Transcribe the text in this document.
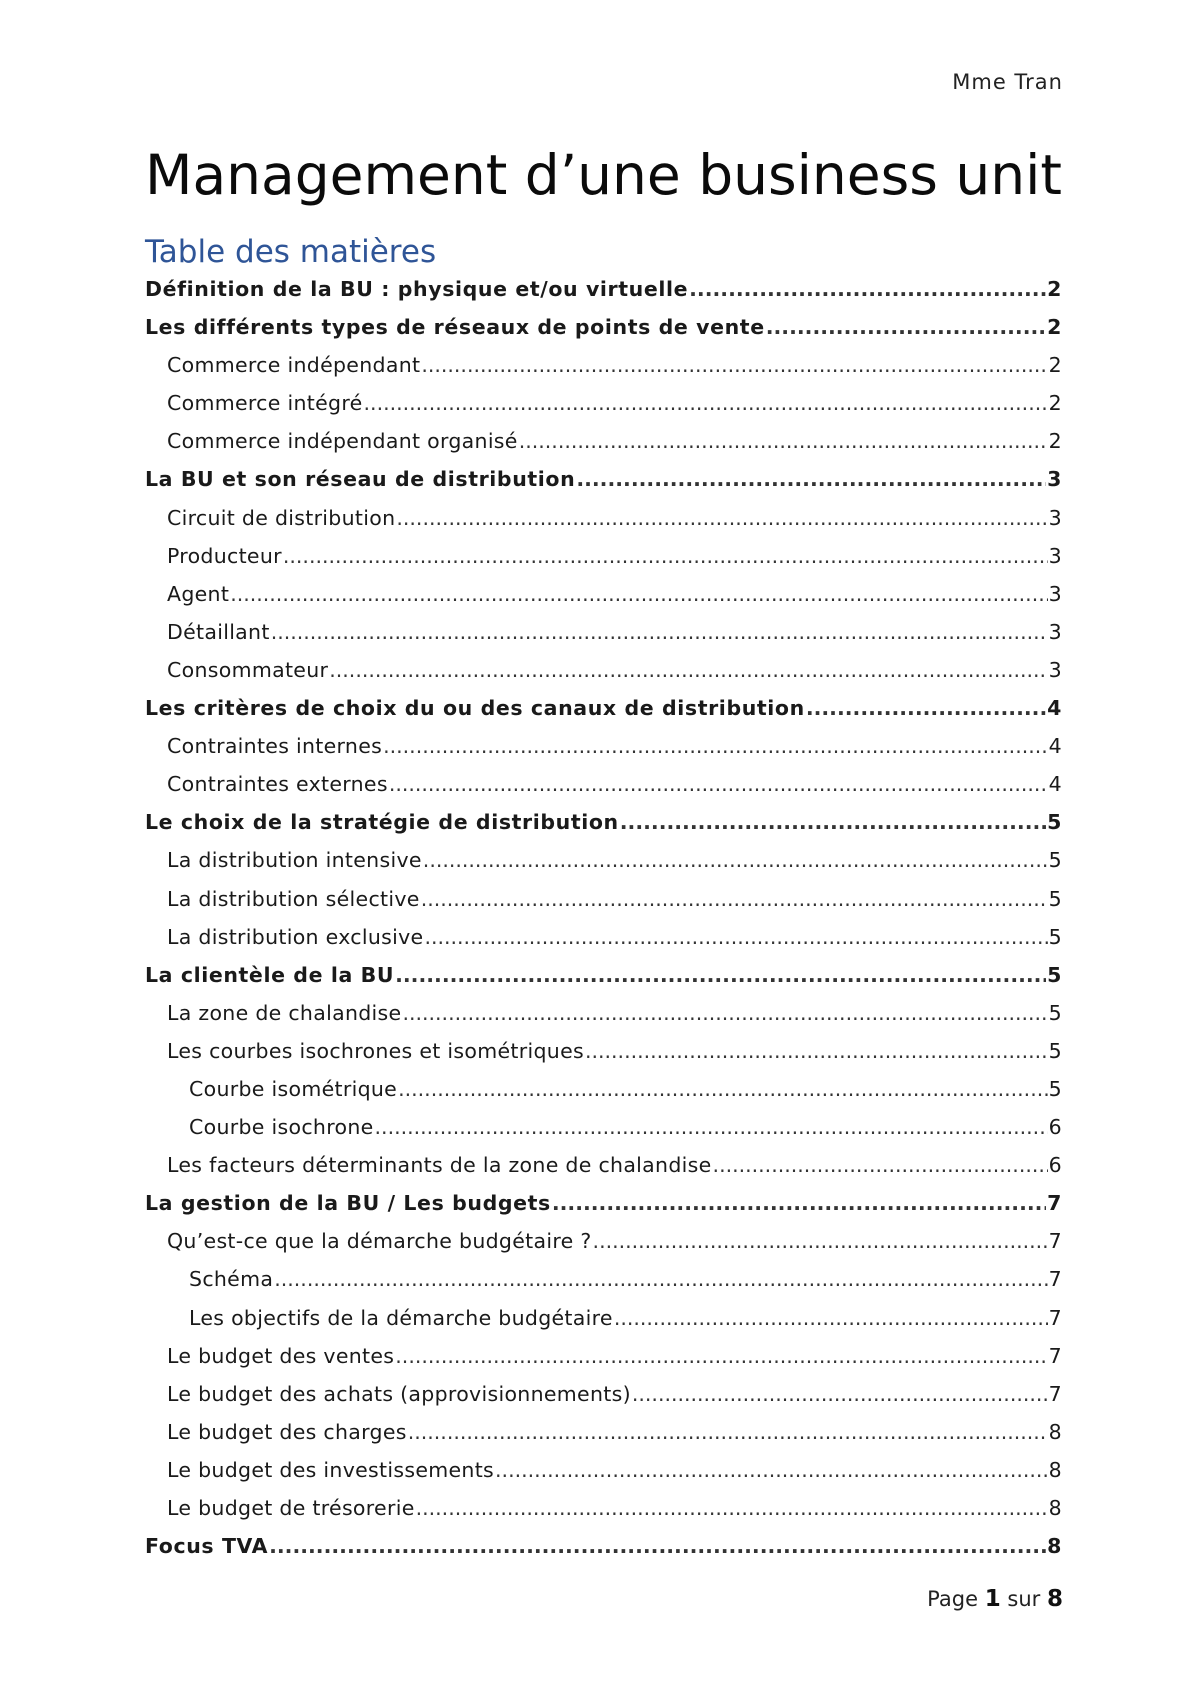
Mme Tran
Management d’une business unit
Table des matières
Définition de la BU : physique et/ou virtuelle .....	2
Les différents types de réseaux de points de vente .....	2
Commerce indépendant .....	2
Commerce intégré .....	2
Commerce indépendant organisé .....	2
La BU et son réseau de distribution .....	3
Circuit de distribution .....	3
Producteur .....	3
Agent .....	3
Détaillant .....	3
Consommateur .....	3
Les critères de choix du ou des canaux de distribution .....	4
Contraintes internes .....	4
Contraintes externes .....	4
Le choix de la stratégie de distribution .....	5
La distribution intensive .....	5
La distribution sélective .....	5
La distribution exclusive .....	5
La clientèle de la BU .....	5
La zone de chalandise .....	5
Les courbes isochrones et isométriques .....	5
Courbe isométrique .....	5
Courbe isochrone .....	6
Les facteurs déterminants de la zone de chalandise .....	6
La gestion de la BU / Les budgets .....	7
Qu’est-ce que la démarche budgétaire ? .....	7
Schéma .....	7
Les objectifs de la démarche budgétaire .....	7
Le budget des ventes .....	7
Le budget des achats (approvisionnements) .....	7
Le budget des charges .....	8
Le budget des investissements .....	8
Le budget de trésorerie .....	8
Focus TVA .....	8
Page 1 sur 8
